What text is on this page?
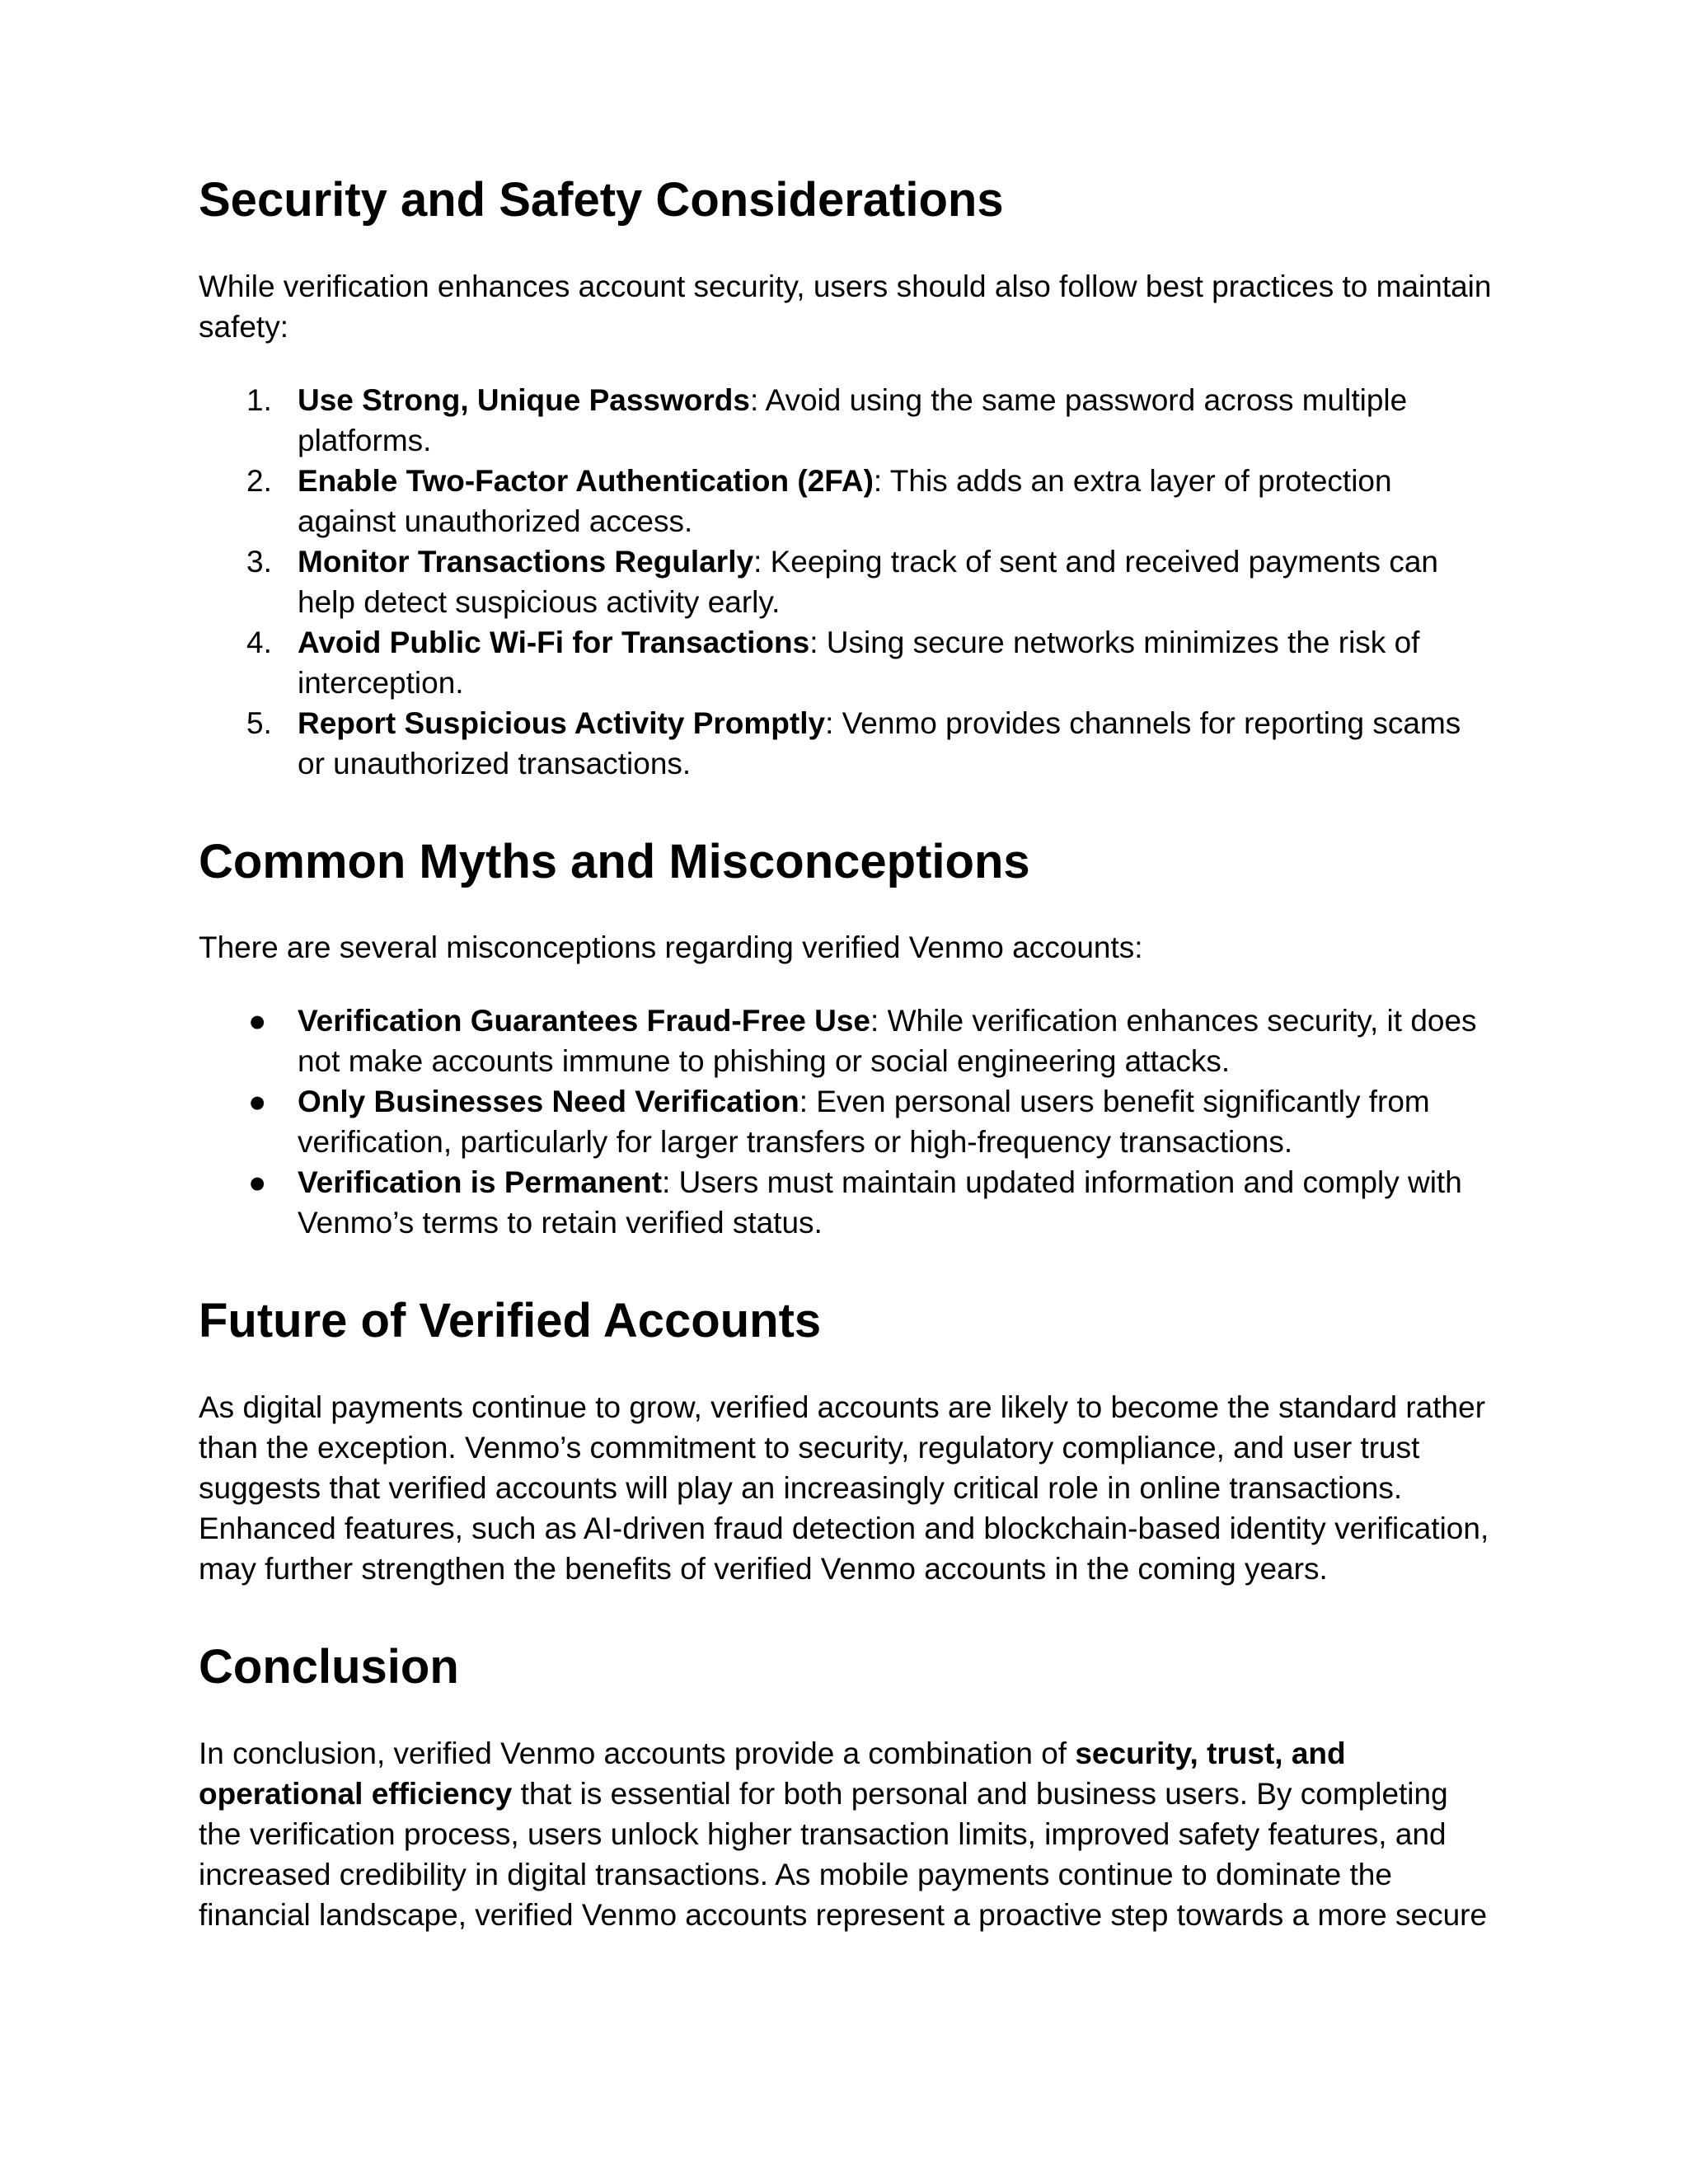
Security and Safety Considerations

While verification enhances account security, users should also follow best practices to maintain safety:

1. Use Strong, Unique Passwords: Avoid using the same password across multiple platforms.
2. Enable Two-Factor Authentication (2FA): This adds an extra layer of protection against unauthorized access.
3. Monitor Transactions Regularly: Keeping track of sent and received payments can help detect suspicious activity early.
4. Avoid Public Wi-Fi for Transactions: Using secure networks minimizes the risk of interception.
5. Report Suspicious Activity Promptly: Venmo provides channels for reporting scams or unauthorized transactions.
Common Myths and Misconceptions

There are several misconceptions regarding verified Venmo accounts:

● Verification Guarantees Fraud-Free Use: While verification enhances security, it does not make accounts immune to phishing or social engineering attacks.
● Only Businesses Need Verification: Even personal users benefit significantly from verification, particularly for larger transfers or high-frequency transactions.
● Verification is Permanent: Users must maintain updated information and comply with Venmo’s terms to retain verified status.
Future of Verified Accounts

As digital payments continue to grow, verified accounts are likely to become the standard rather than the exception. Venmo’s commitment to security, regulatory compliance, and user trust suggests that verified accounts will play an increasingly critical role in online transactions. Enhanced features, such as AI-driven fraud detection and blockchain-based identity verification, may further strengthen the benefits of verified Venmo accounts in the coming years.

Conclusion

In conclusion, verified Venmo accounts provide a combination of security, trust, and operational efficiency that is essential for both personal and business users. By completing the verification process, users unlock higher transaction limits, improved safety features, and increased credibility in digital transactions. As mobile payments continue to dominate the financial landscape, verified Venmo accounts represent a proactive step towards a more secure
